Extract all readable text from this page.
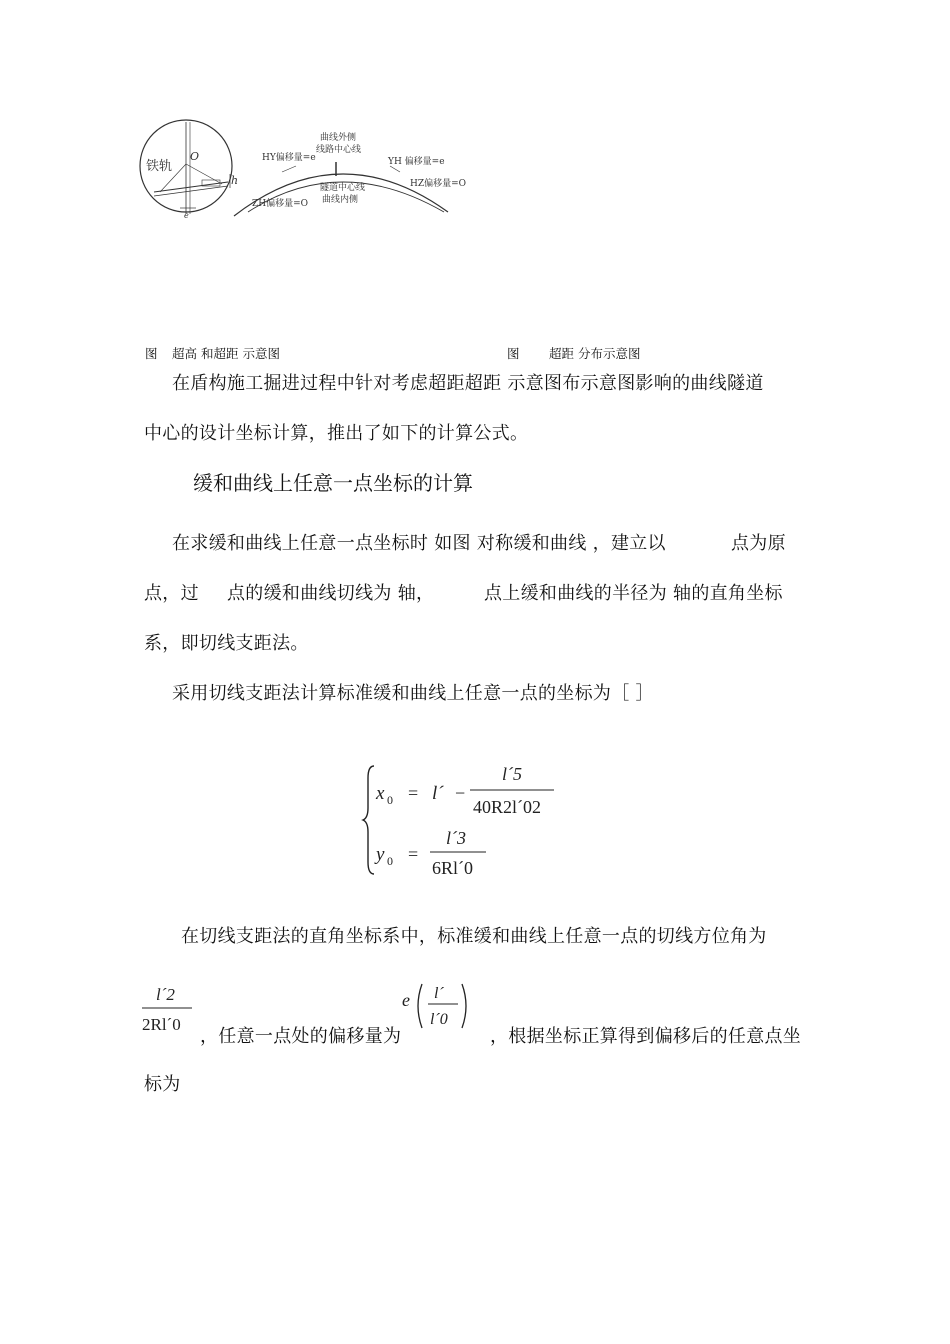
铁轨
O
h
e
曲线外侧
线路中心线
HY偏移量=e	YH 偏移量=e
HZ偏移量=O
隧道中心线
曲线内侧
ZH偏移量=O
图 超高 和超距 示意图	图 超距 分布示意图
在盾构施工掘进过程中针对考虑超距超距 示意图布示意图影响的曲线隧道
中心的设计坐标计算，推出了如下的计算公式。
缓和曲线上任意一点坐标的计算
在求缓和曲线上任意一点坐标时 如图 对称缓和曲线 ，建立以	点为原
点，过 点的缓和曲线切线为 轴，	点上缓和曲线的半径为 轴的直角坐标
系，即切线支距法。
采用切线支距法计算标准缓和曲线上任意一点的坐标为［ ］
x 0 = l´ −
l´5
40R2l´02
y 0 =
l´3
6Rl´0
在切线支距法的直角坐标系中，标准缓和曲线上任意一点的切线方位角为
l´2
2Rl´0
，任意一点处的偏移量为
e l´
l´0
，根据坐标正算得到偏移后的任意点坐
标为
